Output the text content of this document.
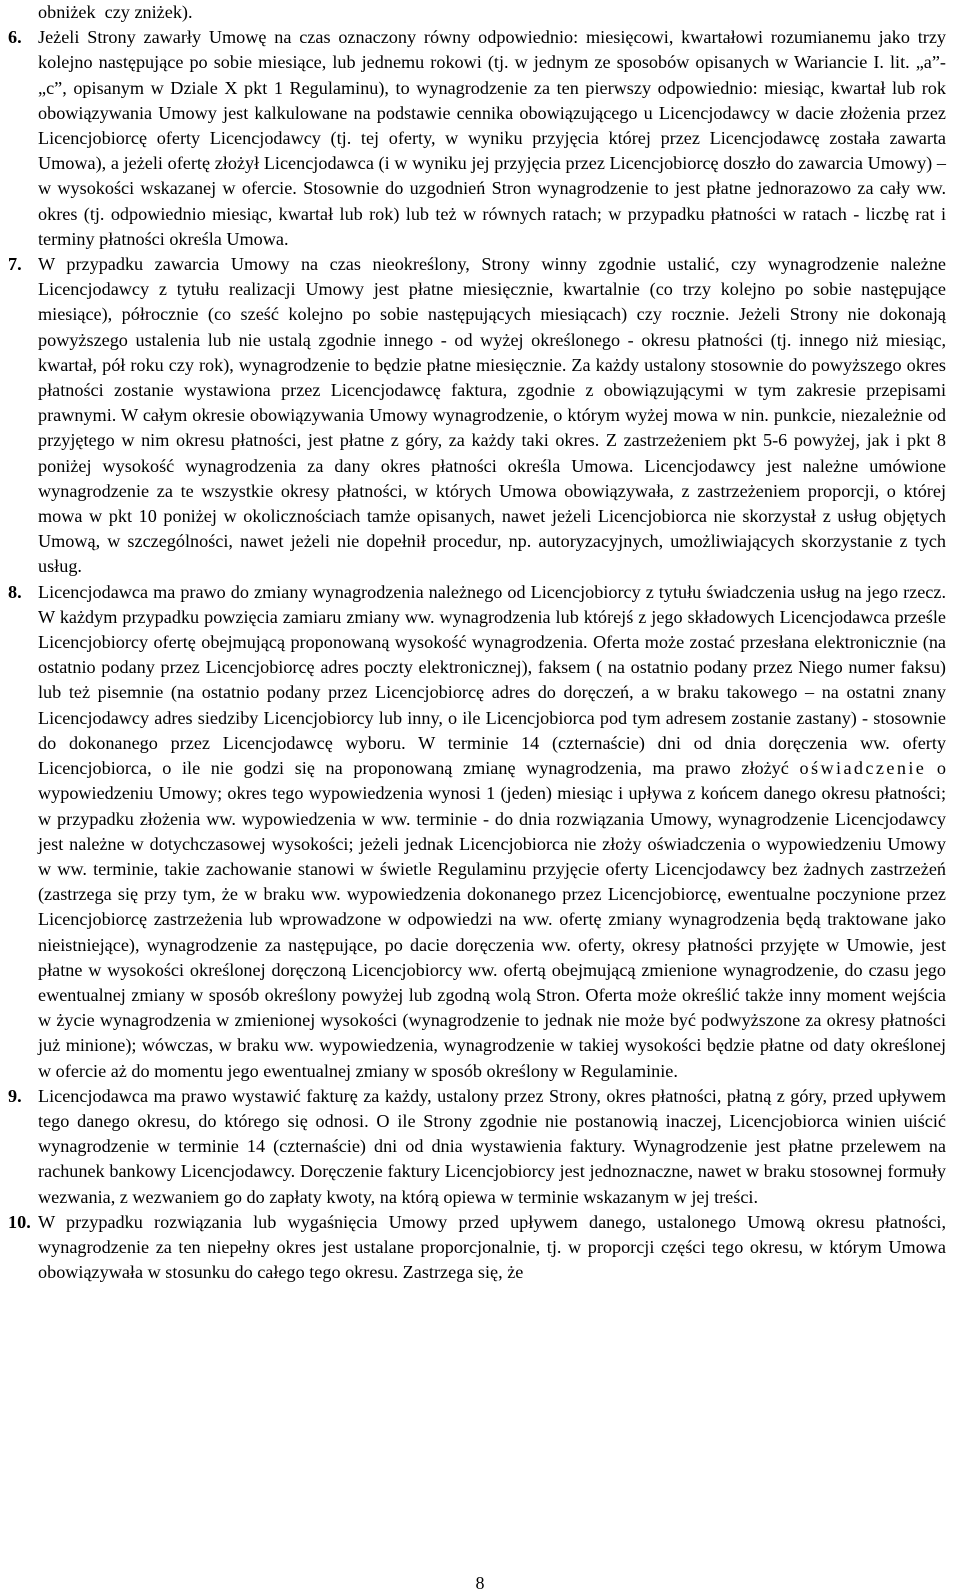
obniżek  czy zniżek).

6. Jeżeli Strony zawarły Umowę na czas oznaczony równy odpowiednio: miesięcowi, kwartałowi rozumianemu jako trzy kolejno następujące po sobie miesiące, lub jednemu rokowi (tj. w jednym ze sposobów opisanych w Wariancie I. lit. „a”-„c”, opisanym w Dziale X pkt 1 Regulaminu), to wynagrodzenie za ten pierwszy odpowiednio: miesiąc, kwartał lub rok obowiązywania Umowy jest kalkulowane na podstawie cennika obowiązującego u Licencjodawcy w dacie złożenia przez Licencjobiorcę oferty Licencjodawcy (tj. tej oferty, w wyniku przyjęcia której przez Licencjodawcę została zawarta Umowa), a jeżeli ofertę złożył Licencjodawca (i w wyniku jej przyjęcia przez Licencjobiorcę doszło do zawarcia Umowy) – w wysokości wskazanej w ofercie. Stosownie do uzgodnień Stron wynagrodzenie to jest płatne jednorazowo za cały ww. okres (tj. odpowiednio miesiąc, kwartał lub rok) lub też w równych ratach; w przypadku płatności w ratach - liczbę rat i terminy płatności określa Umowa.
7. W przypadku zawarcia Umowy na czas nieokreślony, Strony winny zgodnie ustalić, czy wynagrodzenie należne Licencjodawcy z tytułu realizacji Umowy jest płatne miesięcznie, kwartalnie (co trzy kolejno po sobie następujące miesiące), półrocznie (co sześć kolejno po sobie następujących miesiącach) czy rocznie. Jeżeli Strony nie dokonają powyższego ustalenia lub nie ustalą zgodnie innego - od wyżej określonego - okresu płatności (tj. innego niż miesiąc, kwartał, pół roku czy rok), wynagrodzenie to będzie płatne miesięcznie. Za każdy ustalony stosownie do powyższego okres płatności zostanie wystawiona przez Licencjodawcę faktura, zgodnie z obowiązującymi w tym zakresie przepisami prawnymi. W całym okresie obowiązywania Umowy wynagrodzenie, o którym wyżej mowa w nin. punkcie, niezależnie od przyjętego w nim okresu płatności, jest płatne z góry, za każdy taki okres. Z zastrzeżeniem pkt 5-6 powyżej, jak i pkt 8 poniżej wysokość wynagrodzenia za dany okres płatności określa Umowa. Licencjodawcy jest należne umówione wynagrodzenie za te wszystkie okresy płatności, w których Umowa obowiązywała, z zastrzeżeniem proporcji, o której mowa w pkt 10 poniżej w okolicznościach tamże opisanych, nawet jeżeli Licencjobiorca nie skorzystał z usług objętych Umową, w szczególności, nawet jeżeli nie dopełnił procedur, np. autoryzacyjnych, umożliwiających skorzystanie z tych usług.
8. Licencjodawca ma prawo do zmiany wynagrodzenia należnego od Licencjobiorcy z tytułu świadczenia usług na jego rzecz. W każdym przypadku powzięcia zamiaru zmiany ww. wynagrodzenia lub którejś z jego składowych Licencjodawca prześle Licencjobiorcy ofertę obejmującą proponowaną wysokość wynagrodzenia. Oferta może zostać przesłana elektronicznie (na ostatnio podany przez Licencjobiorcę adres poczty elektronicznej), faksem ( na ostatnio podany przez Niego numer faksu) lub też pisemnie (na ostatnio podany przez Licencjobiorcę adres do doręczeń, a w braku takowego – na ostatni znany Licencjodawcy adres siedziby Licencjobiorcy lub inny, o ile Licencjobiorca pod tym adresem zostanie zastany) - stosownie do dokonanego przez Licencjodawcę wyboru. W terminie 14 (czternaście) dni od dnia doręczenia ww. oferty Licencjobiorca, o ile nie godzi się na proponowaną zmianę wynagrodzenia, ma prawo złożyć oświadczenie o wypowiedzeniu Umowy; okres tego wypowiedzenia wynosi 1 (jeden) miesiąc i upływa z końcem danego okresu płatności; w przypadku złożenia ww. wypowiedzenia w ww. terminie - do dnia rozwiązania Umowy, wynagrodzenie Licencjodawcy jest należne w dotychczasowej wysokości; jeżeli jednak Licencjobiorca nie złoży oświadczenia o wypowiedzeniu Umowy w ww. terminie, takie zachowanie stanowi w świetle Regulaminu przyjęcie oferty Licencjodawcy bez żadnych zastrzeżeń (zastrzega się przy tym, że w braku ww. wypowiedzenia dokonanego przez Licencjobiorcę, ewentualne poczynione przez Licencjobiorcę zastrzeżenia lub wprowadzone w odpowiedzi na ww. ofertę zmiany wynagrodzenia będą traktowane jako nieistniejące), wynagrodzenie za następujące, po dacie doręczenia ww. oferty, okresy płatności przyjęte w Umowie, jest płatne w wysokości określonej doręczoną Licencjobiorcy ww. ofertą obejmującą zmienione wynagrodzenie, do czasu jego ewentualnej zmiany w sposób określony powyżej lub zgodną wolą Stron. Oferta może określić także inny moment wejścia w życie wynagrodzenia w zmienionej wysokości (wynagrodzenie to jednak nie może być podwyższone za okresy płatności już minione); wówczas, w braku ww. wypowiedzenia, wynagrodzenie w takiej wysokości będzie płatne od daty określonej w ofercie aż do momentu jego ewentualnej zmiany w sposób określony w Regulaminie.
9. Licencjodawca ma prawo wystawić fakturę za każdy, ustalony przez Strony, okres płatności, płatną z góry, przed upływem tego danego okresu, do którego się odnosi. O ile Strony zgodnie nie postanowią inaczej, Licencjobiorca winien uiścić wynagrodzenie w terminie 14 (czternaście) dni od dnia wystawienia faktury. Wynagrodzenie jest płatne przelewem na rachunek bankowy Licencjodawcy. Doręczenie faktury Licencjobiorcy jest jednoznaczne, nawet w braku stosownej formuły wezwania, z wezwaniem go do zapłaty kwoty, na którą opiewa w terminie wskazanym w jej treści.
10. W przypadku rozwiązania lub wygaśnięcia Umowy przed upływem danego, ustalonego Umową okresu płatności, wynagrodzenie za ten niepełny okres jest ustalane proporcjonalnie, tj. w proporcji części tego okresu, w którym Umowa obowiązywała w stosunku do całego tego okresu. Zastrzega się, że
8
